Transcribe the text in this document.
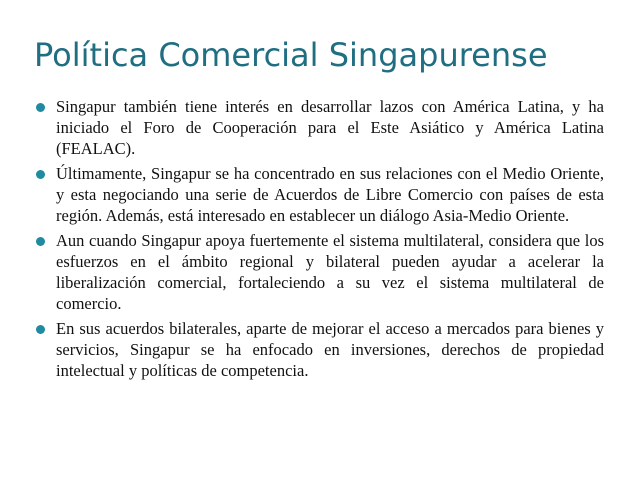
Política Comercial Singapurense
Singapur también tiene interés en desarrollar lazos con América Latina, y ha iniciado el Foro de Cooperación para el Este Asiático y América Latina (FEALAC).
Últimamente, Singapur se ha concentrado en sus relaciones con el Medio Oriente, y esta negociando una serie de Acuerdos de Libre Comercio con países de esta región. Además, está interesado en establecer un diálogo Asia-Medio Oriente.
Aun cuando Singapur apoya fuertemente el sistema multilateral, considera que los esfuerzos en el ámbito regional y bilateral pueden ayudar a acelerar la liberalización comercial, fortaleciendo a su vez el sistema multilateral de comercio.
En sus acuerdos bilaterales, aparte de mejorar el acceso a mercados para bienes y servicios, Singapur se ha enfocado en inversiones, derechos de propiedad intelectual y políticas de competencia.
